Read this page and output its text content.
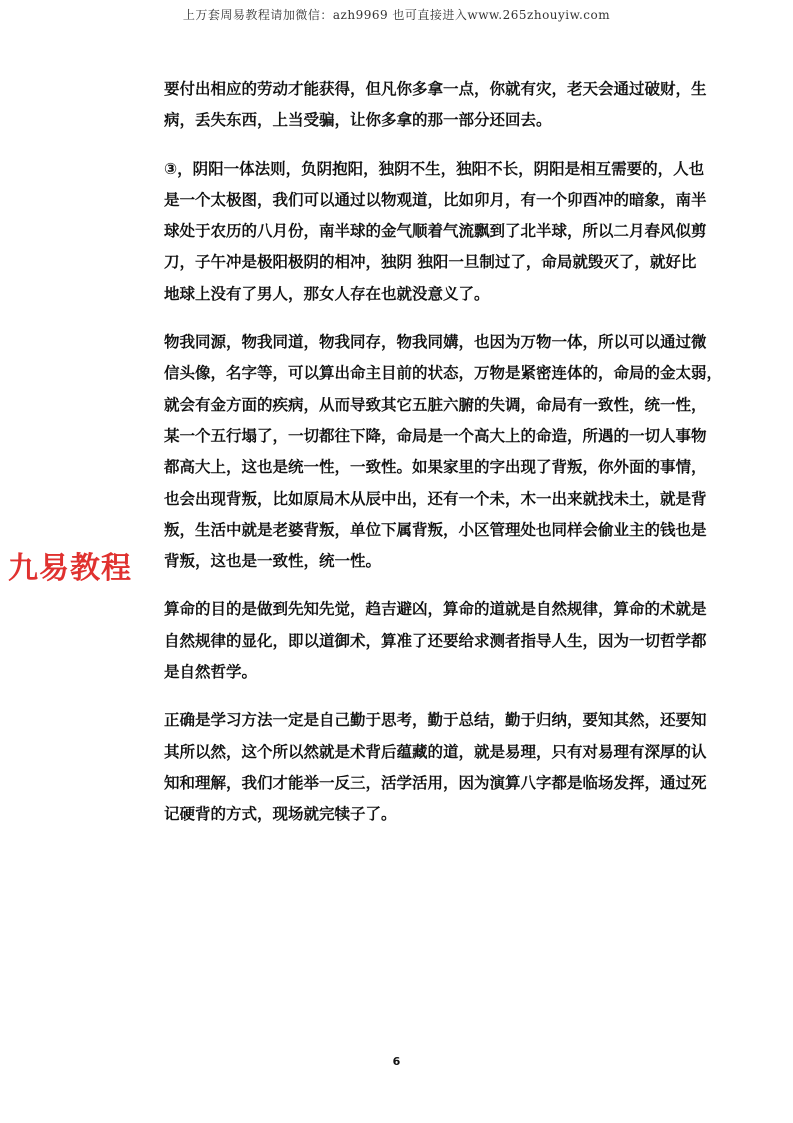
上万套周易教程请加微信：azh9969 也可直接进入www.265zhouyiw.com
九易教程

要付出相应的劳动才能获得，但凡你多拿一点，你就有灾，老天会通过破财，生
病，丢失东西，上当受骗，让你多拿的那一部分还回去。

③，阴阳一体法则，负阴抱阳，独阴不生，独阳不长，阴阳是相互需要的，人也
是一个太极图，我们可以通过以物观道，比如卯月，有一个卯酉冲的暗象，南半
球处于农历的八月份，南半球的金气顺着气流飘到了北半球，所以二月春风似剪
刀，子午冲是极阳极阴的相冲，独阴 独阳一旦制过了，命局就毁灭了，就好比
地球上没有了男人，那女人存在也就没意义了。

物我同源，物我同道，物我同存，物我同媾，也因为万物一体，所以可以通过微
信头像，名字等，可以算出命主目前的状态，万物是紧密连体的，命局的金太弱，
就会有金方面的疾病，从而导致其它五脏六腑的失调，命局有一致性，统一性，
某一个五行塌了，一切都往下降，命局是一个高大上的命造，所遇的一切人事物
都高大上，这也是统一性，一致性。如果家里的字出现了背叛，你外面的事情，
也会出现背叛，比如原局木从辰中出，还有一个未，木一出来就找未土，就是背
叛，生活中就是老婆背叛，单位下属背叛，小区管理处也同样会偷业主的钱也是
背叛，这也是一致性，统一性。

算命的目的是做到先知先觉，趋吉避凶，算命的道就是自然规律，算命的术就是
自然规律的显化，即以道御术，算准了还要给求测者指导人生，因为一切哲学都
是自然哲学。

正确是学习方法一定是自己勤于思考，勤于总结，勤于归纳，要知其然，还要知
其所以然，这个所以然就是术背后蕴藏的道，就是易理，只有对易理有深厚的认
知和理解，我们才能举一反三，活学活用，因为演算八字都是临场发挥，通过死
记硬背的方式，现场就完犊子了。

6
